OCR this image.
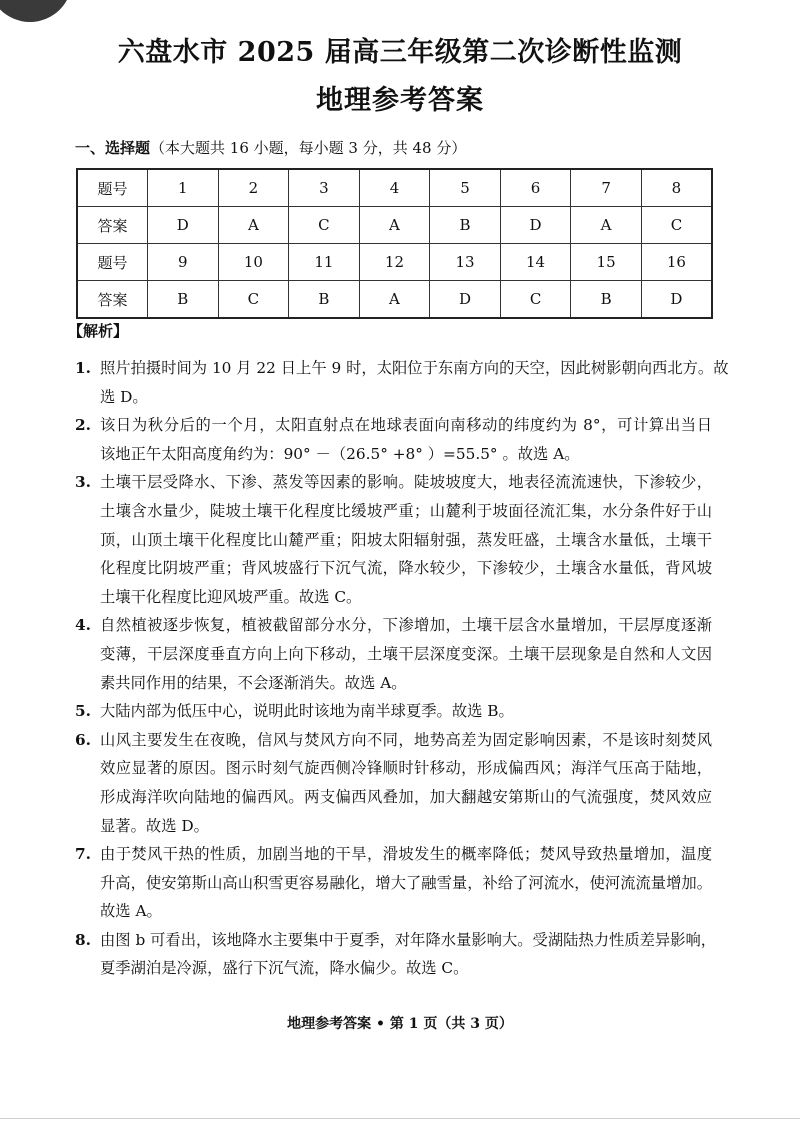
六盘水市 2025 届高三年级第二次诊断性监测
地理参考答案
一、选择题（本大题共 16 小题，每小题 3 分，共 48 分）
题号	1	2	3	4	5	6	7	8
答案	D	A	C	A	B	D	A	C
题号	9	10	11	12	13	14	15	16
答案	B	C	B	A	D	C	B	D
【解析】
1. 照片拍摄时间为 10 月 22 日上午 9 时，太阳位于东南方向的天空，因此树影朝向西北方。故
选 D。
2. 该日为秋分后的一个月，太阳直射点在地球表面向南移动的纬度约为 8°，可计算出当日
该地正午太阳高度角约为：90° －（26.5° +8° ）=55.5° 。故选 A。
3. 土壤干层受降水、下渗、蒸发等因素的影响。陡坡坡度大，地表径流流速快，下渗较少，
土壤含水量少，陡坡土壤干化程度比缓坡严重；山麓利于坡面径流汇集，水分条件好于山
顶，山顶土壤干化程度比山麓严重；阳坡太阳辐射强，蒸发旺盛，土壤含水量低，土壤干
化程度比阴坡严重；背风坡盛行下沉气流，降水较少，下渗较少，土壤含水量低，背风坡
土壤干化程度比迎风坡严重。故选 C。
4. 自然植被逐步恢复，植被截留部分水分，下渗增加，土壤干层含水量增加，干层厚度逐渐
变薄，干层深度垂直方向上向下移动，土壤干层深度变深。土壤干层现象是自然和人文因
素共同作用的结果，不会逐渐消失。故选 A。
5. 大陆内部为低压中心，说明此时该地为南半球夏季。故选 B。
6. 山风主要发生在夜晚，信风与焚风方向不同，地势高差为固定影响因素，不是该时刻焚风
效应显著的原因。图示时刻气旋西侧冷锋顺时针移动，形成偏西风；海洋气压高于陆地，
形成海洋吹向陆地的偏西风。两支偏西风叠加，加大翻越安第斯山的气流强度，焚风效应
显著。故选 D。
7. 由于焚风干热的性质，加剧当地的干旱，滑坡发生的概率降低；焚风导致热量增加，温度
升高，使安第斯山高山积雪更容易融化，增大了融雪量，补给了河流水，使河流流量增加。
故选 A。
8. 由图 b 可看出，该地降水主要集中于夏季，对年降水量影响大。受湖陆热力性质差异影响，
夏季湖泊是冷源，盛行下沉气流，降水偏少。故选 C。
地理参考答案 • 第 1 页（共 3 页）
